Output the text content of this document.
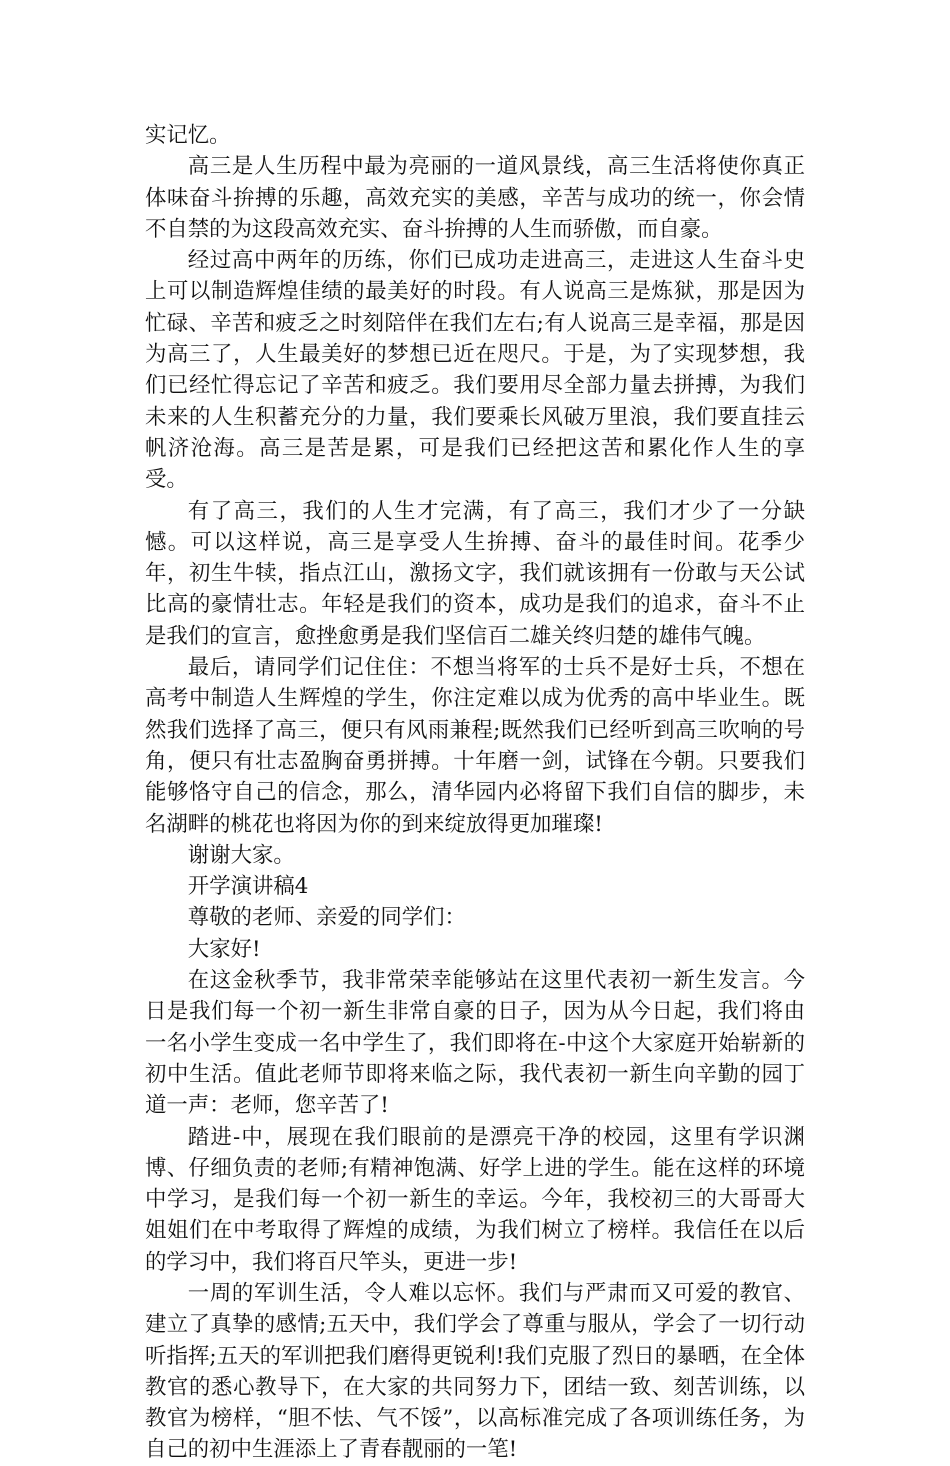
实记忆。

高三是人生历程中最为亮丽的一道风景线，高三生活将使你真正体味奋斗拚搏的乐趣，高效充实的美感，辛苦与成功的统一，你会情不自禁的为这段高效充实、奋斗拚搏的人生而骄傲，而自豪。

经过高中两年的历练，你们已成功走进高三，走进这人生奋斗史上可以制造辉煌佳绩的最美好的时段。有人说高三是炼狱，那是因为忙碌、辛苦和疲乏之时刻陪伴在我们左右;有人说高三是幸福，那是因为高三了，人生最美好的梦想已近在咫尺。于是，为了实现梦想，我们已经忙得忘记了辛苦和疲乏。我们要用尽全部力量去拼搏，为我们未来的人生积蓄充分的力量，我们要乘长风破万里浪，我们要直挂云帆济沧海。高三是苦是累，可是我们已经把这苦和累化作人生的享受。

有了高三，我们的人生才完满，有了高三，我们才少了一分缺憾。可以这样说，高三是享受人生拚搏、奋斗的最佳时间。花季少年，初生牛犊，指点江山，激扬文字，我们就该拥有一份敢与天公试比高的豪情壮志。年轻是我们的资本，成功是我们的追求，奋斗不止是我们的宣言，愈挫愈勇是我们坚信百二雄关终归楚的雄伟气魄。

最后，请同学们记住住：不想当将军的士兵不是好士兵，不想在高考中制造人生辉煌的学生，你注定难以成为优秀的高中毕业生。既然我们选择了高三，便只有风雨兼程;既然我们已经听到高三吹响的号角，便只有壮志盈胸奋勇拼搏。十年磨一剑，试锋在今朝。只要我们能够恪守自己的信念，那么，清华园内必将留下我们自信的脚步，未名湖畔的桃花也将因为你的到来绽放得更加璀璨!

谢谢大家。

开学演讲稿4

尊敬的老师、亲爱的同学们：

大家好!

在这金秋季节，我非常荣幸能够站在这里代表初一新生发言。今日是我们每一个初一新生非常自豪的日子，因为从今日起，我们将由一名小学生变成一名中学生了，我们即将在-中这个大家庭开始崭新的初中生活。值此老师节即将来临之际，我代表初一新生向辛勤的园丁道一声：老师，您辛苦了!

踏进-中，展现在我们眼前的是漂亮干净的校园，这里有学识渊博、仔细负责的老师;有精神饱满、好学上进的学生。能在这样的环境中学习，是我们每一个初一新生的幸运。今年，我校初三的大哥哥大姐姐们在中考取得了辉煌的成绩，为我们树立了榜样。我信任在以后的学习中，我们将百尺竿头，更进一步!

一周的军训生活，令人难以忘怀。我们与严肃而又可爱的教官、建立了真挚的感情;五天中，我们学会了尊重与服从，学会了一切行动听指挥;五天的军训把我们磨得更锐利!我们克服了烈日的暴晒，在全体教官的悉心教导下，在大家的共同努力下，团结一致、刻苦训练，以教官为榜样，“胆不怯、气不馁”，以高标准完成了各项训练任务，为自己的初中生涯添上了青春靓丽的一笔!
